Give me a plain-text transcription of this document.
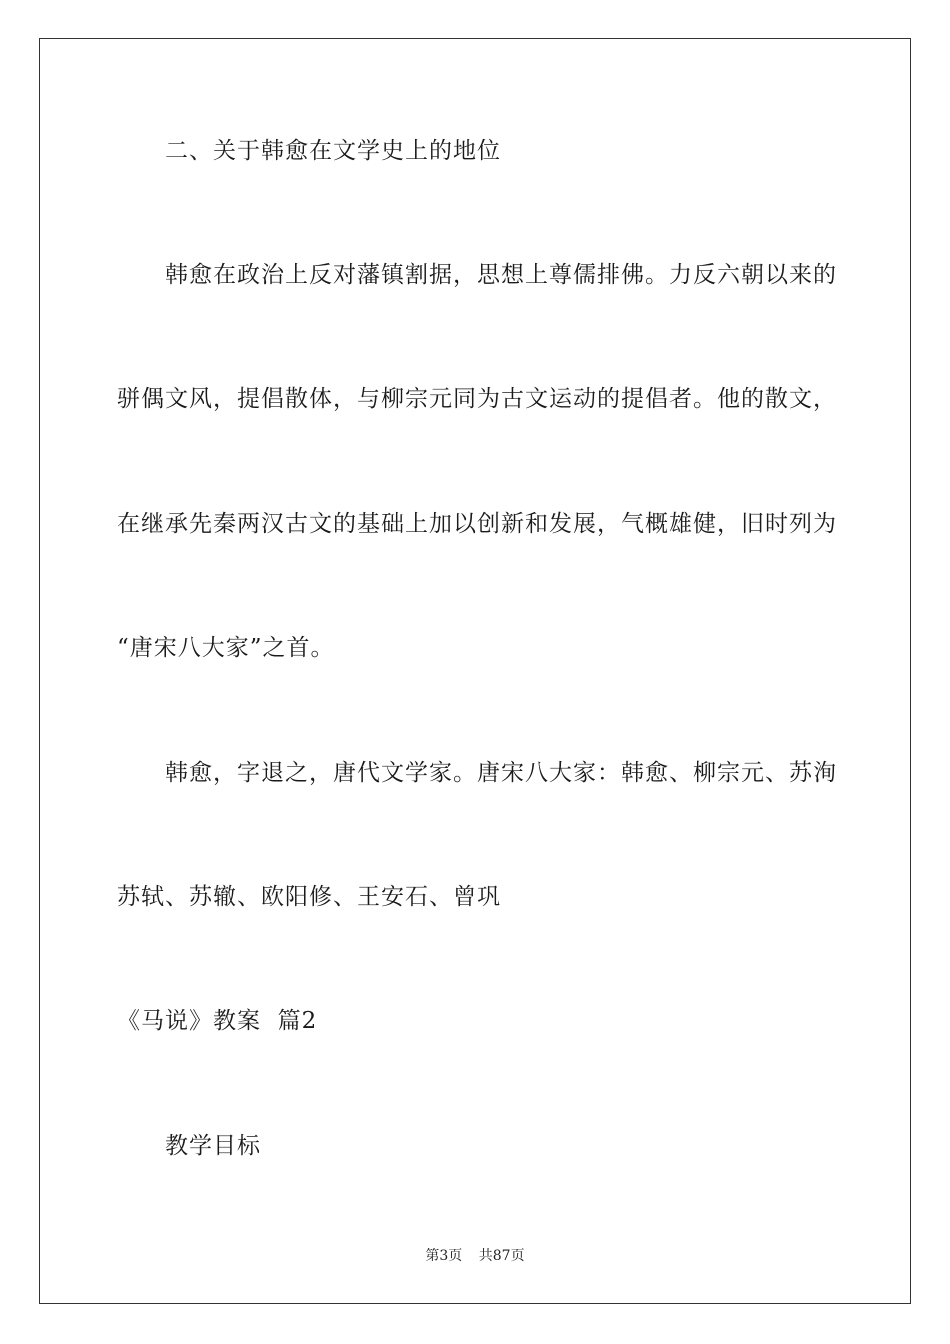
二、关于韩愈在文学史上的地位
韩愈在政治上反对藩镇割据，思想上尊儒排佛。力反六朝以来的
骈偶文风，提倡散体，与柳宗元同为古文运动的提倡者。他的散文，
在继承先秦两汉古文的基础上加以创新和发展，气概雄健，旧时列为
“唐宋八大家”之首。
韩愈，字退之，唐代文学家。唐宋八大家：韩愈、柳宗元、苏洵
苏轼、苏辙、欧阳修、王安石、曾巩
《马说》教案  篇2
教学目标
第3页 共87页
